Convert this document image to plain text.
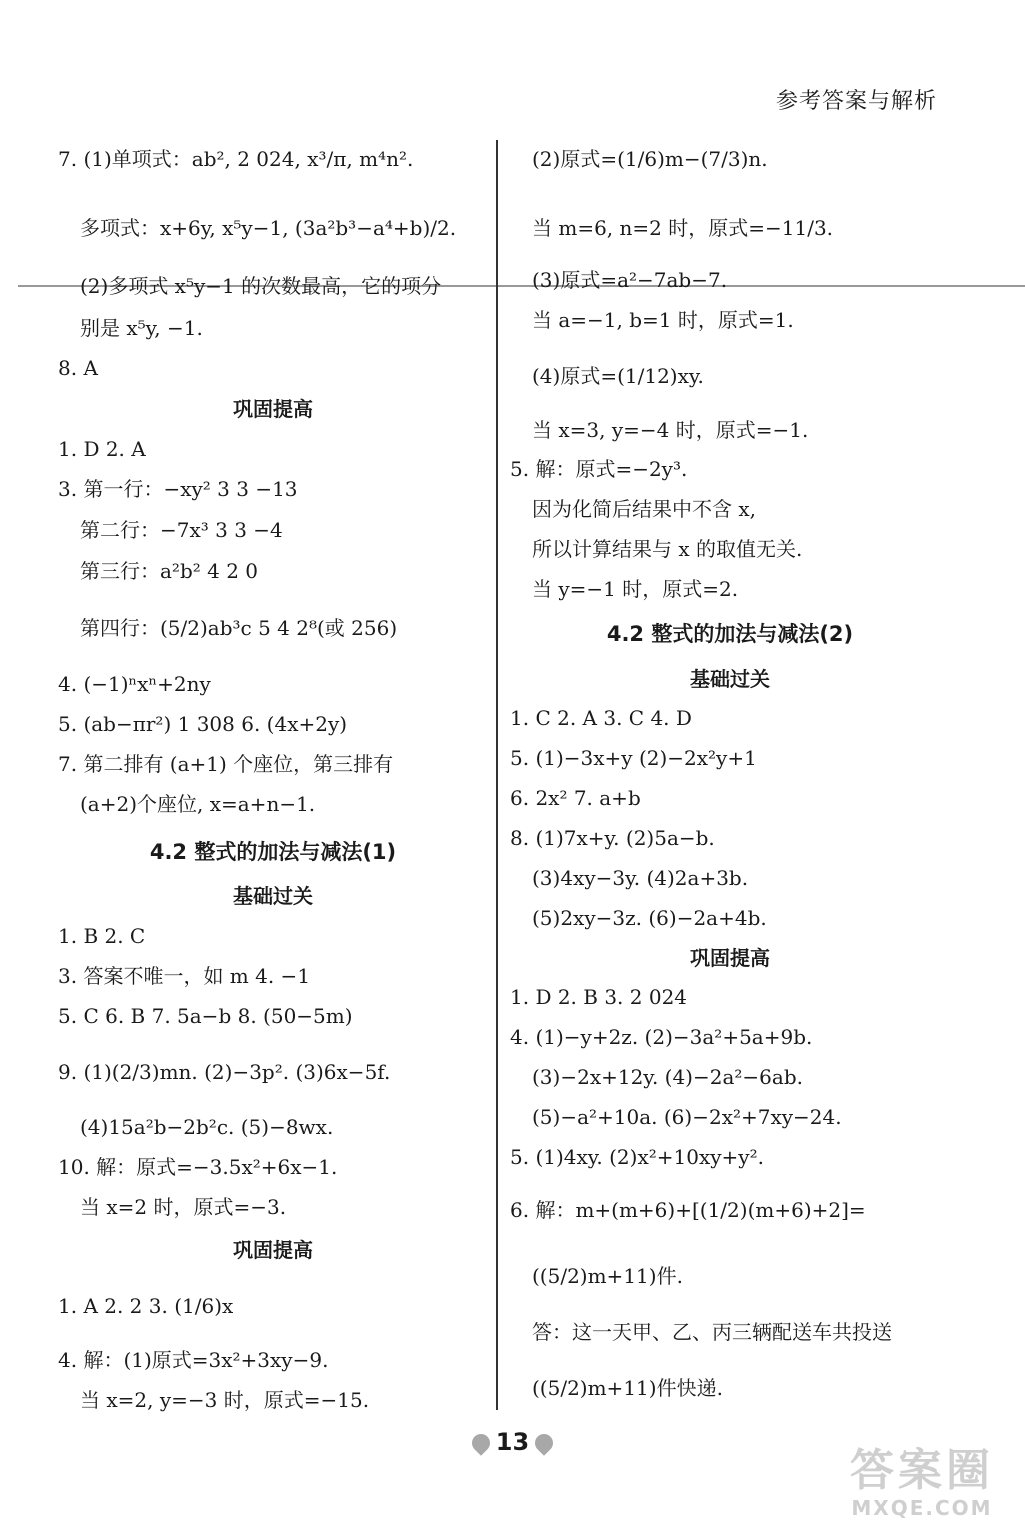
参考答案与解析
7. (1)单项式：ab², 2 024, x³/π, m⁴n².
多项式：x+6y, x⁵y−1, (3a²b³−a⁴+b)/2.
(2)多项式 x⁵y−1 的次数最高，它的项分
别是 x⁵y, −1.
8. A
巩固提高
1. D 2. A
3. 第一行：−xy² 3 3 −13
第二行：−7x³ 3 3 −4
第三行：a²b² 4 2 0
第四行：(5/2)ab³c 5 4 2⁸(或 256)
4. (−1)ⁿxⁿ+2ny
5. (ab−πr²) 1 308 6. (4x+2y)
7. 第二排有 (a+1) 个座位，第三排有
(a+2)个座位, x=a+n−1.
4.2 整式的加法与减法(1)
基础过关
1. B 2. C
3. 答案不唯一，如 m 4. −1
5. C 6. B 7. 5a−b 8. (50−5m)
9. (1)(2/3)mn. (2)−3p². (3)6x−5f.
(4)15a²b−2b²c. (5)−8wx.
10. 解：原式=−3.5x²+6x−1.
当 x=2 时，原式=−3.
巩固提高
1. A 2. 2 3. (1/6)x
4. 解：(1)原式=3x²+3xy−9.
当 x=2, y=−3 时，原式=−15.
(2)原式=(1/6)m−(7/3)n.
当 m=6, n=2 时，原式=−11/3.
(3)原式=a²−7ab−7.
当 a=−1, b=1 时，原式=1.
(4)原式=(1/12)xy.
当 x=3, y=−4 时，原式=−1.
5. 解：原式=−2y³.
因为化简后结果中不含 x,
所以计算结果与 x 的取值无关.
当 y=−1 时，原式=2.
4.2 整式的加法与减法(2)
基础过关
1. C 2. A 3. C 4. D
5. (1)−3x+y (2)−2x²y+1
6. 2x² 7. a+b
8. (1)7x+y. (2)5a−b.
(3)4xy−3y. (4)2a+3b.
(5)2xy−3z. (6)−2a+4b.
巩固提高
1. D 2. B 3. 2 024
4. (1)−y+2z. (2)−3a²+5a+9b.
(3)−2x+12y. (4)−2a²−6ab.
(5)−a²+10a. (6)−2x²+7xy−24.
5. (1)4xy. (2)x²+10xy+y².
6. 解：m+(m+6)+[(1/2)(m+6)+2]=
((5/2)m+11)件.
答：这一天甲、乙、丙三辆配送车共投送
((5/2)m+11)件快递.
13
答案圈
MXQE.COM
